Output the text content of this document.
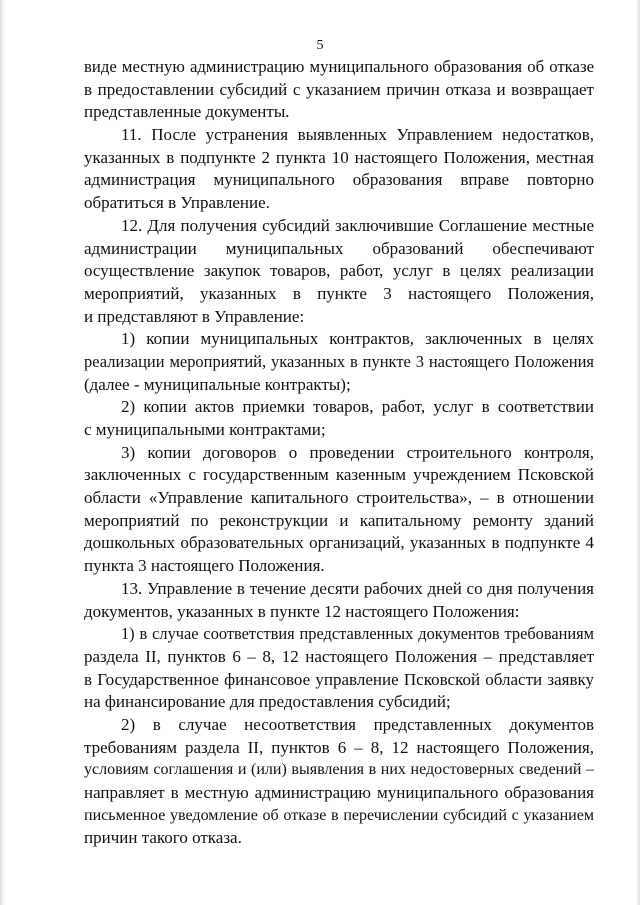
5
виде местную администрацию муниципального образования об отказе
в предоставлении субсидий с указанием причин отказа и возвращает
представленные документы.
11. После устранения выявленных Управлением недостатков,
указанных в подпункте 2 пункта 10 настоящего Положения, местная
администрация муниципального образования вправе повторно
обратиться в Управление.
12. Для получения субсидий заключившие Соглашение местные
администрации муниципальных образований обеспечивают
осуществление закупок товаров, работ, услуг в целях реализации
мероприятий, указанных в пункте 3 настоящего Положения,
и представляют в Управление:
1) копии муниципальных контрактов, заключенных в целях
реализации мероприятий, указанных в пункте 3 настоящего Положения
(далее - муниципальные контракты);
2) копии актов приемки товаров, работ, услуг в соответствии
с муниципальными контрактами;
3) копии договоров о проведении строительного контроля,
заключенных с государственным казенным учреждением Псковской
области «Управление капитального строительства», – в отношении
мероприятий по реконструкции и капитальному ремонту зданий
дошкольных образовательных организаций, указанных в подпункте 4
пункта 3 настоящего Положения.
13. Управление в течение десяти рабочих дней со дня получения
документов, указанных в пункте 12 настоящего Положения:
1) в случае соответствия представленных документов требованиям
раздела II, пунктов 6 – 8, 12 настоящего Положения – представляет
в Государственное финансовое управление Псковской области заявку
на финансирование для предоставления субсидий;
2) в случае несоответствия представленных документов
требованиям раздела II, пунктов 6 – 8, 12 настоящего Положения,
условиям соглашения и (или) выявления в них недостоверных сведений –
направляет в местную администрацию муниципального образования
письменное уведомление об отказе в перечислении субсидий с указанием
причин такого отказа.
